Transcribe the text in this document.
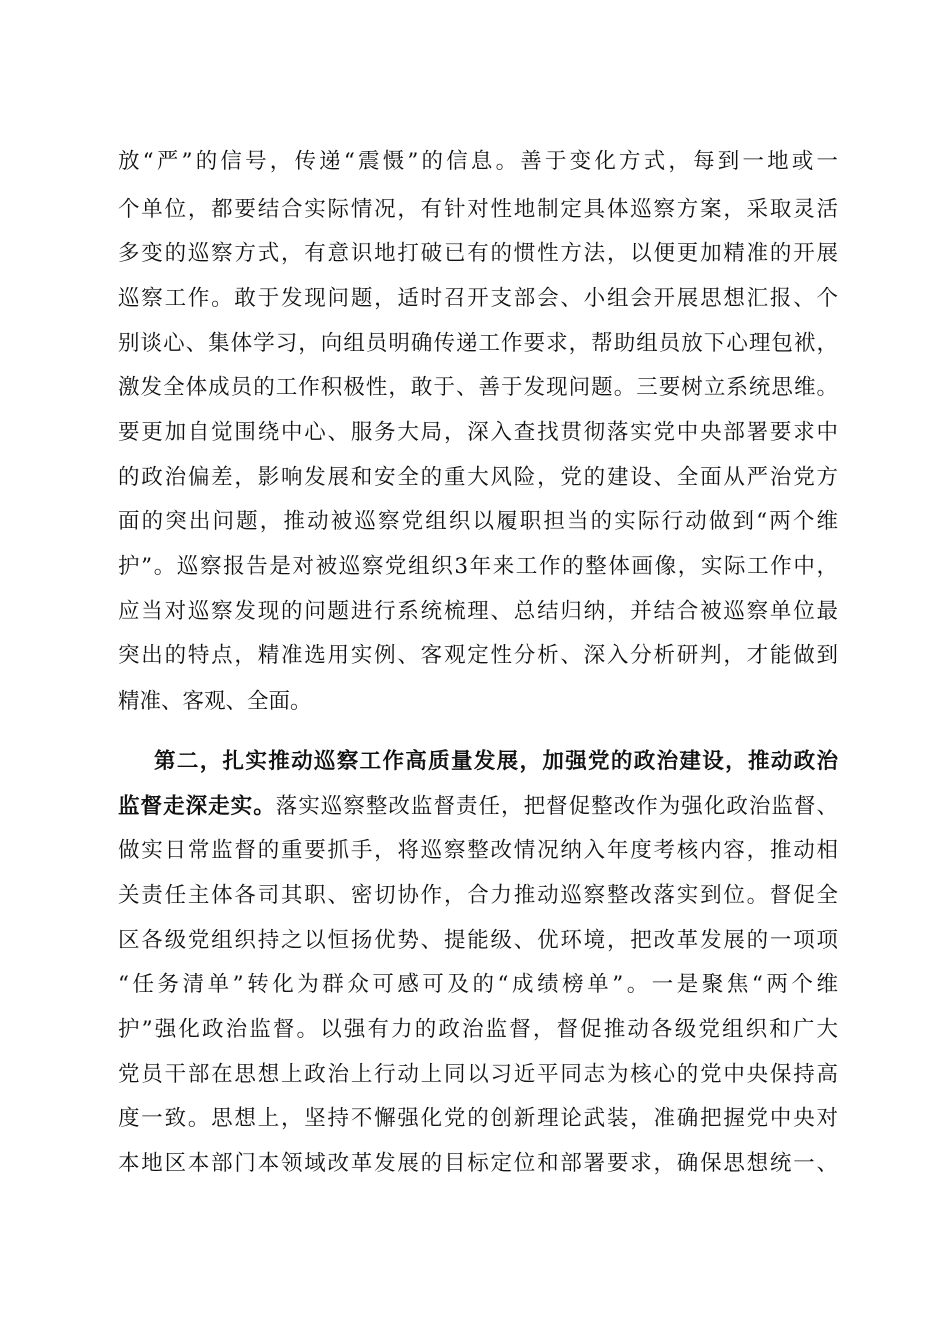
放“严”的信号，传递“震慑”的信息。善于变化方式，每到一地或一
个单位，都要结合实际情况，有针对性地制定具体巡察方案，采取灵活
多变的巡察方式，有意识地打破已有的惯性方法，以便更加精准的开展
巡察工作。敢于发现问题，适时召开支部会、小组会开展思想汇报、个
别谈心、集体学习，向组员明确传递工作要求，帮助组员放下心理包袱，
激发全体成员的工作积极性，敢于、善于发现问题。三要树立系统思维。
要更加自觉围绕中心、服务大局，深入查找贯彻落实党中央部署要求中
的政治偏差，影响发展和安全的重大风险，党的建设、全面从严治党方
面的突出问题，推动被巡察党组织以履职担当的实际行动做到“两个维
护”。巡察报告是对被巡察党组织3年来工作的整体画像，实际工作中，
应当对巡察发现的问题进行系统梳理、总结归纳，并结合被巡察单位最
突出的特点，精准选用实例、客观定性分析、深入分析研判，才能做到
精准、客观、全面。
第二，扎实推动巡察工作高质量发展，加强党的政治建设，推动政治
监督走深走实。落实巡察整改监督责任，把督促整改作为强化政治监督、
做实日常监督的重要抓手，将巡察整改情况纳入年度考核内容，推动相
关责任主体各司其职、密切协作，合力推动巡察整改落实到位。督促全
区各级党组织持之以恒扬优势、提能级、优环境，把改革发展的一项项
“任务清单”转化为群众可感可及的“成绩榜单”。一是聚焦“两个维
护”强化政治监督。以强有力的政治监督，督促推动各级党组织和广大
党员干部在思想上政治上行动上同以习近平同志为核心的党中央保持高
度一致。思想上，坚持不懈强化党的创新理论武装，准确把握党中央对
本地区本部门本领域改革发展的目标定位和部署要求，确保思想统一、
